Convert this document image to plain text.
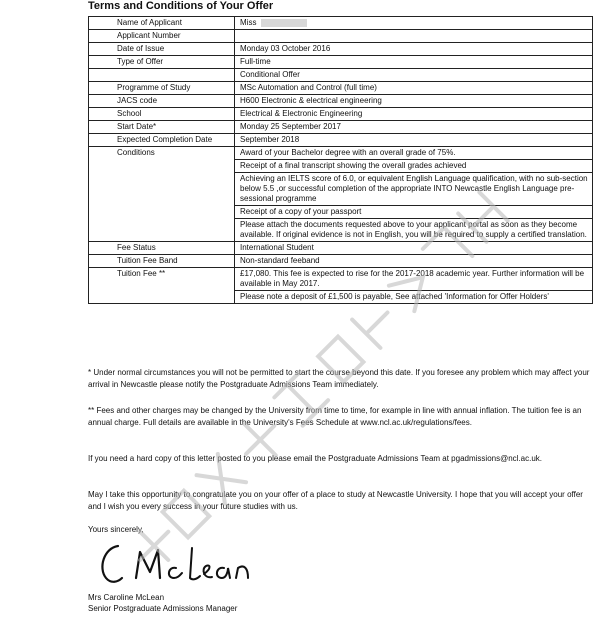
Terms and Conditions of Your Offer
Name of Applicant	Miss
Applicant Number	
Date of Issue	Monday 03 October 2016
Type of Offer	Full-time
	Conditional Offer
Programme of Study	MSc Automation and Control (full time)
JACS code	H600 Electronic & electrical engineering
School	Electrical & Electronic Engineering
Start Date*	Monday 25 September 2017
Expected Completion Date	September 2018
Conditions	Award of your Bachelor degree with an overall grade of 75%.
	Receipt of a final transcript showing the overall grades achieved
	Achieving an IELTS score of 6.0, or equivalent English Language qualification, with no sub-section below 5.5 ,or successful completion of the appropriate INTO Newcastle English Language pre-sessional programme
	Receipt of a copy of your passport
	Please attach the documents requested above to your applicant portal as soon as they become available. If original evidence is not in English, you will be required to supply a certified translation.
Fee Status	International Student
Tuition Fee Band	Non-standard feeband
Tuition Fee **	£17,080. This fee is expected to rise for the 2017-2018 academic year. Further information will be available in May 2017.
	Please note a deposit of £1,500 is payable, See attached 'Information for Offer Holders'
* Under normal circumstances you will not be permitted to start the course beyond this date. If you foresee any problem which may affect your arrival in Newcastle please notify the Postgraduate Admissions Team immediately.
** Fees and other charges may be changed by the University from time to time, for example in line with annual inflation. The tuition fee is an annual charge. Full details are available in the University's Fees Schedule at www.ncl.ac.uk/regulations/fees.
If you need a hard copy of this letter posted to you please email the Postgraduate Admissions Team at pgadmissions@ncl.ac.uk.
May I take this opportunity to congratulate you on your offer of a place to study at Newcastle University. I hope that you will accept your offer and I wish you every success in your future studies with us.
Yours sincerely,
Mrs Caroline McLean
Senior Postgraduate Admissions Manager
